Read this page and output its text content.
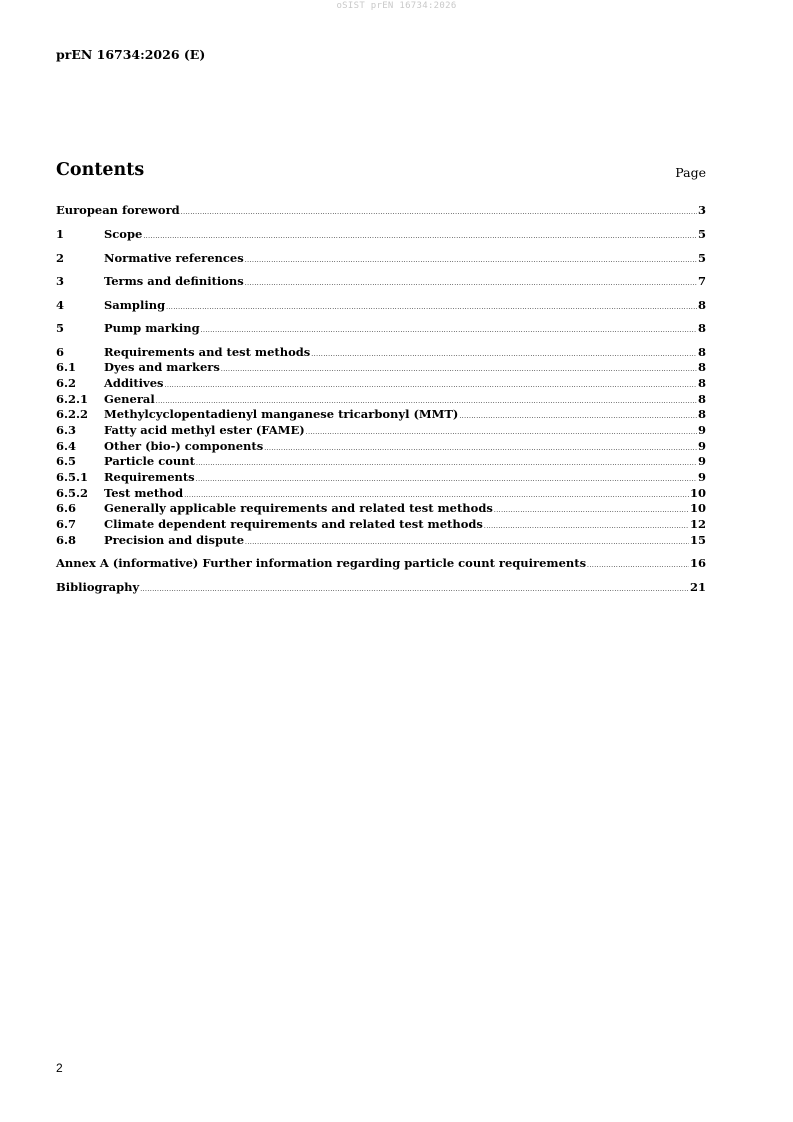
oSIST prEN 16734:2026
prEN 16734:2026 (E)
Contents	Page
European foreword .....	3
1	Scope .....	5
2	Normative references .....	5
3	Terms and definitions .....	7
4	Sampling .....	8
5	Pump marking .....	8
6	Requirements and test methods .....	8
6.1	Dyes and markers .....	8
6.2	Additives .....	8
6.2.1	General .....	8
6.2.2	Methylcyclopentadienyl manganese tricarbonyl (MMT) .....	8
6.3	Fatty acid methyl ester (FAME) .....	9
6.4	Other (bio-) components .....	9
6.5	Particle count .....	9
6.5.1	Requirements .....	9
6.5.2	Test method .....	10
6.6	Generally applicable requirements and related test methods .....	10
6.7	Climate dependent requirements and related test methods .....	12
6.8	Precision and dispute .....	15
Annex A (informative) Further information regarding particle count requirements .....	16
Bibliography .....	21
2
